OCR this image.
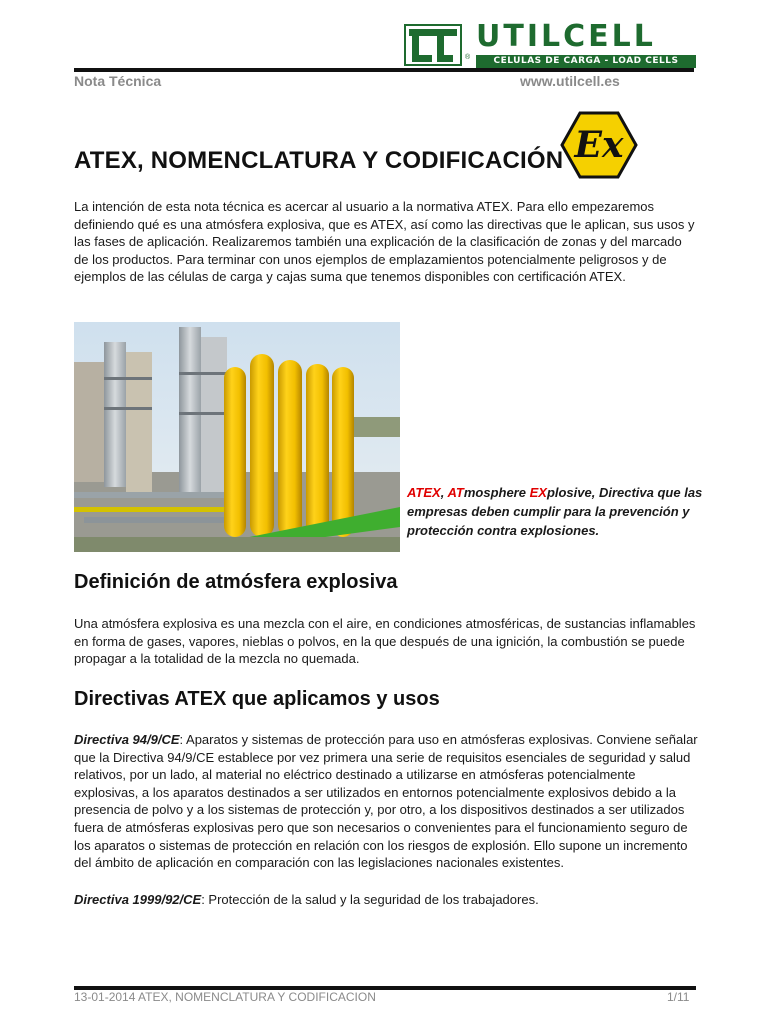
®
UTILCELL
CELULAS DE CARGA - LOAD CELLS
Nota Técnica	www.utilcell.es
ATEX, NOMENCLATURA Y CODIFICACIÓN Ex
La intención de esta nota técnica es acercar al usuario a la normativa ATEX. Para ello empezaremos definiendo qué es una atmósfera explosiva, que es ATEX, así como las directivas que le aplican, sus usos y las fases de aplicación. Realizaremos también una explicación de la clasificación de zonas y del marcado de los productos. Para terminar con unos ejemplos de emplazamientos potencialmente peligrosos y de ejemplos de las células de carga y cajas suma que tenemos disponibles con certificación ATEX.
ATEX, ATmosphere EXplosive, Directiva que las empresas deben cumplir para la prevención y protección contra explosiones.
Definición de atmósfera explosiva
Una atmósfera explosiva es una mezcla con el aire, en condiciones atmosféricas, de sustancias inflamables en forma de gases, vapores, nieblas o polvos, en la que después de una ignición, la combustión se puede propagar a la totalidad de la mezcla no quemada.
Directivas ATEX que aplicamos y usos
Directiva 94/9/CE: Aparatos y sistemas de protección para uso en atmósferas explosivas. Conviene señalar que la Directiva 94/9/CE establece por vez primera una serie de requisitos esenciales de seguridad y salud relativos, por un lado, al material no eléctrico destinado a utilizarse en atmósferas potencialmente explosivas, a los aparatos destinados a ser utilizados en entornos potencialmente explosivos debido a la presencia de polvo y a los sistemas de protección y, por otro, a los dispositivos destinados a ser utilizados fuera de atmósferas explosivas pero que son necesarios o convenientes para el funcionamiento seguro de los aparatos o sistemas de protección en relación con los riesgos de explosión. Ello supone un incremento del ámbito de aplicación en comparación con las legislaciones nacionales existentes.
Directiva 1999/92/CE: Protección de la salud y la seguridad de los trabajadores.
13-01-2014 ATEX, NOMENCLATURA Y CODIFICACION	1/11
